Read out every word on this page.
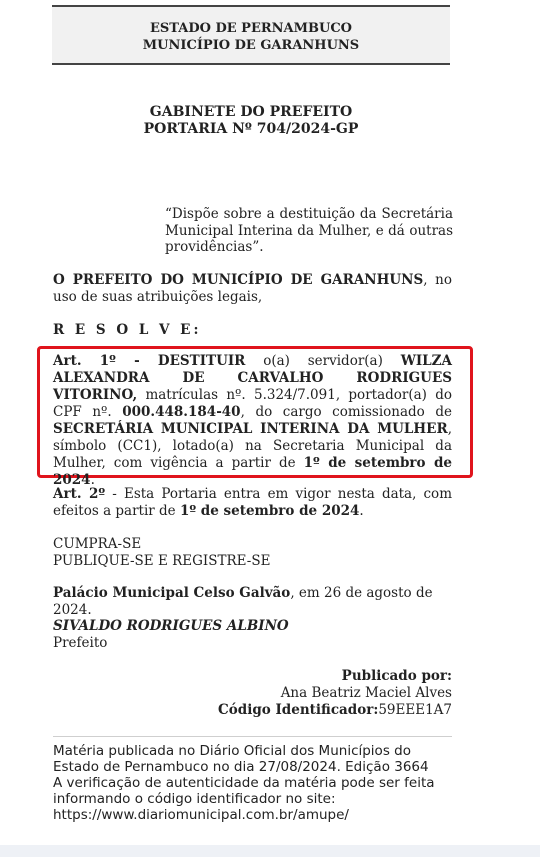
ESTADO DE PERNAMBUCO
MUNICÍPIO DE GARANHUNS
GABINETE DO PREFEITO
PORTARIA Nº 704/2024-GP
“Dispõe sobre a destituição da Secretária Municipal Interina da Mulher, e dá outras providências”.
O PREFEITO DO MUNICÍPIO DE GARANHUNS, no uso de suas atribuições legais,
R E S O L V E:
Art. 1º - DESTITUIR o(a) servidor(a) WILZA ALEXANDRA DE CARVALHO RODRIGUES VITORINO, matrículas nº. 5.324/7.091, portador(a) do CPF nº. 000.448.184-40, do cargo comissionado de SECRETÁRIA MUNICIPAL INTERINA DA MULHER, símbolo (CC1), lotado(a) na Secretaria Municipal da Mulher, com vigência a partir de 1º de setembro de 2024.
Art. 2º - Esta Portaria entra em vigor nesta data, com efeitos a partir de 1º de setembro de 2024.
CUMPRA-SE
PUBLIQUE-SE E REGISTRE-SE
Palácio Municipal Celso Galvão, em 26 de agosto de 2024.
SIVALDO RODRIGUES ALBINO
Prefeito
Publicado por:
Ana Beatriz Maciel Alves
Código Identificador:59EEE1A7
Matéria publicada no Diário Oficial dos Municípios do Estado de Pernambuco no dia 27/08/2024. Edição 3664
A verificação de autenticidade da matéria pode ser feita informando o código identificador no site: https://www.diariomunicipal.com.br/amupe/
